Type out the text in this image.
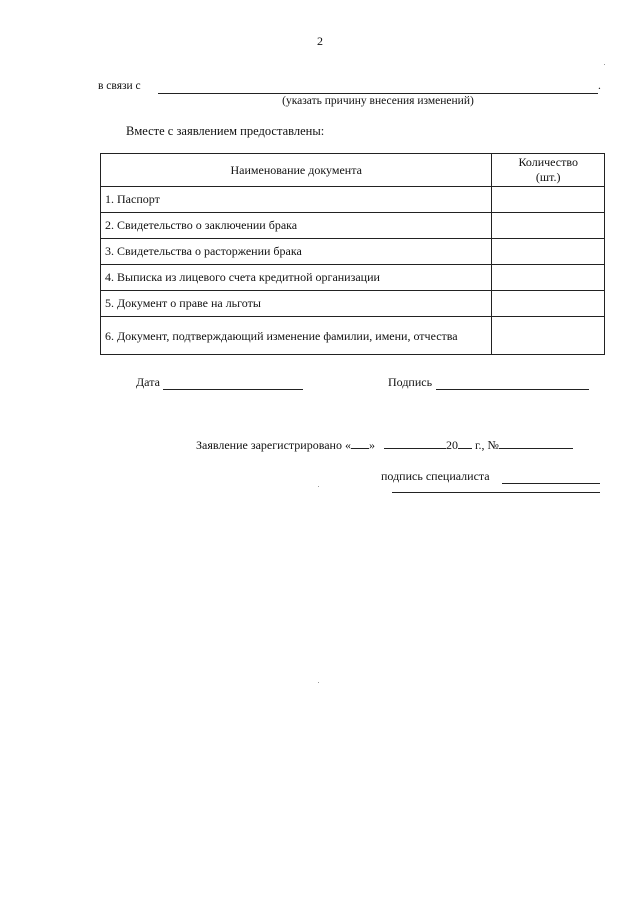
2
в связи с	.
(указать причину внесения изменений)
Вместе с заявлением предоставлены:
Наименование документа	Количество
(шт.)
1. Паспорт	
2. Свидетельство о заключении брака	
3. Свидетельства о расторжении брака	
4. Выписка из лицевого счета кредитной организации	
5. Документ о праве на льготы	
6. Документ, подтверждающий изменение фамилии, имени, отчества	
Дата	Подпись
Заявление зарегистрировано « »	20 г., №
подпись специалиста
